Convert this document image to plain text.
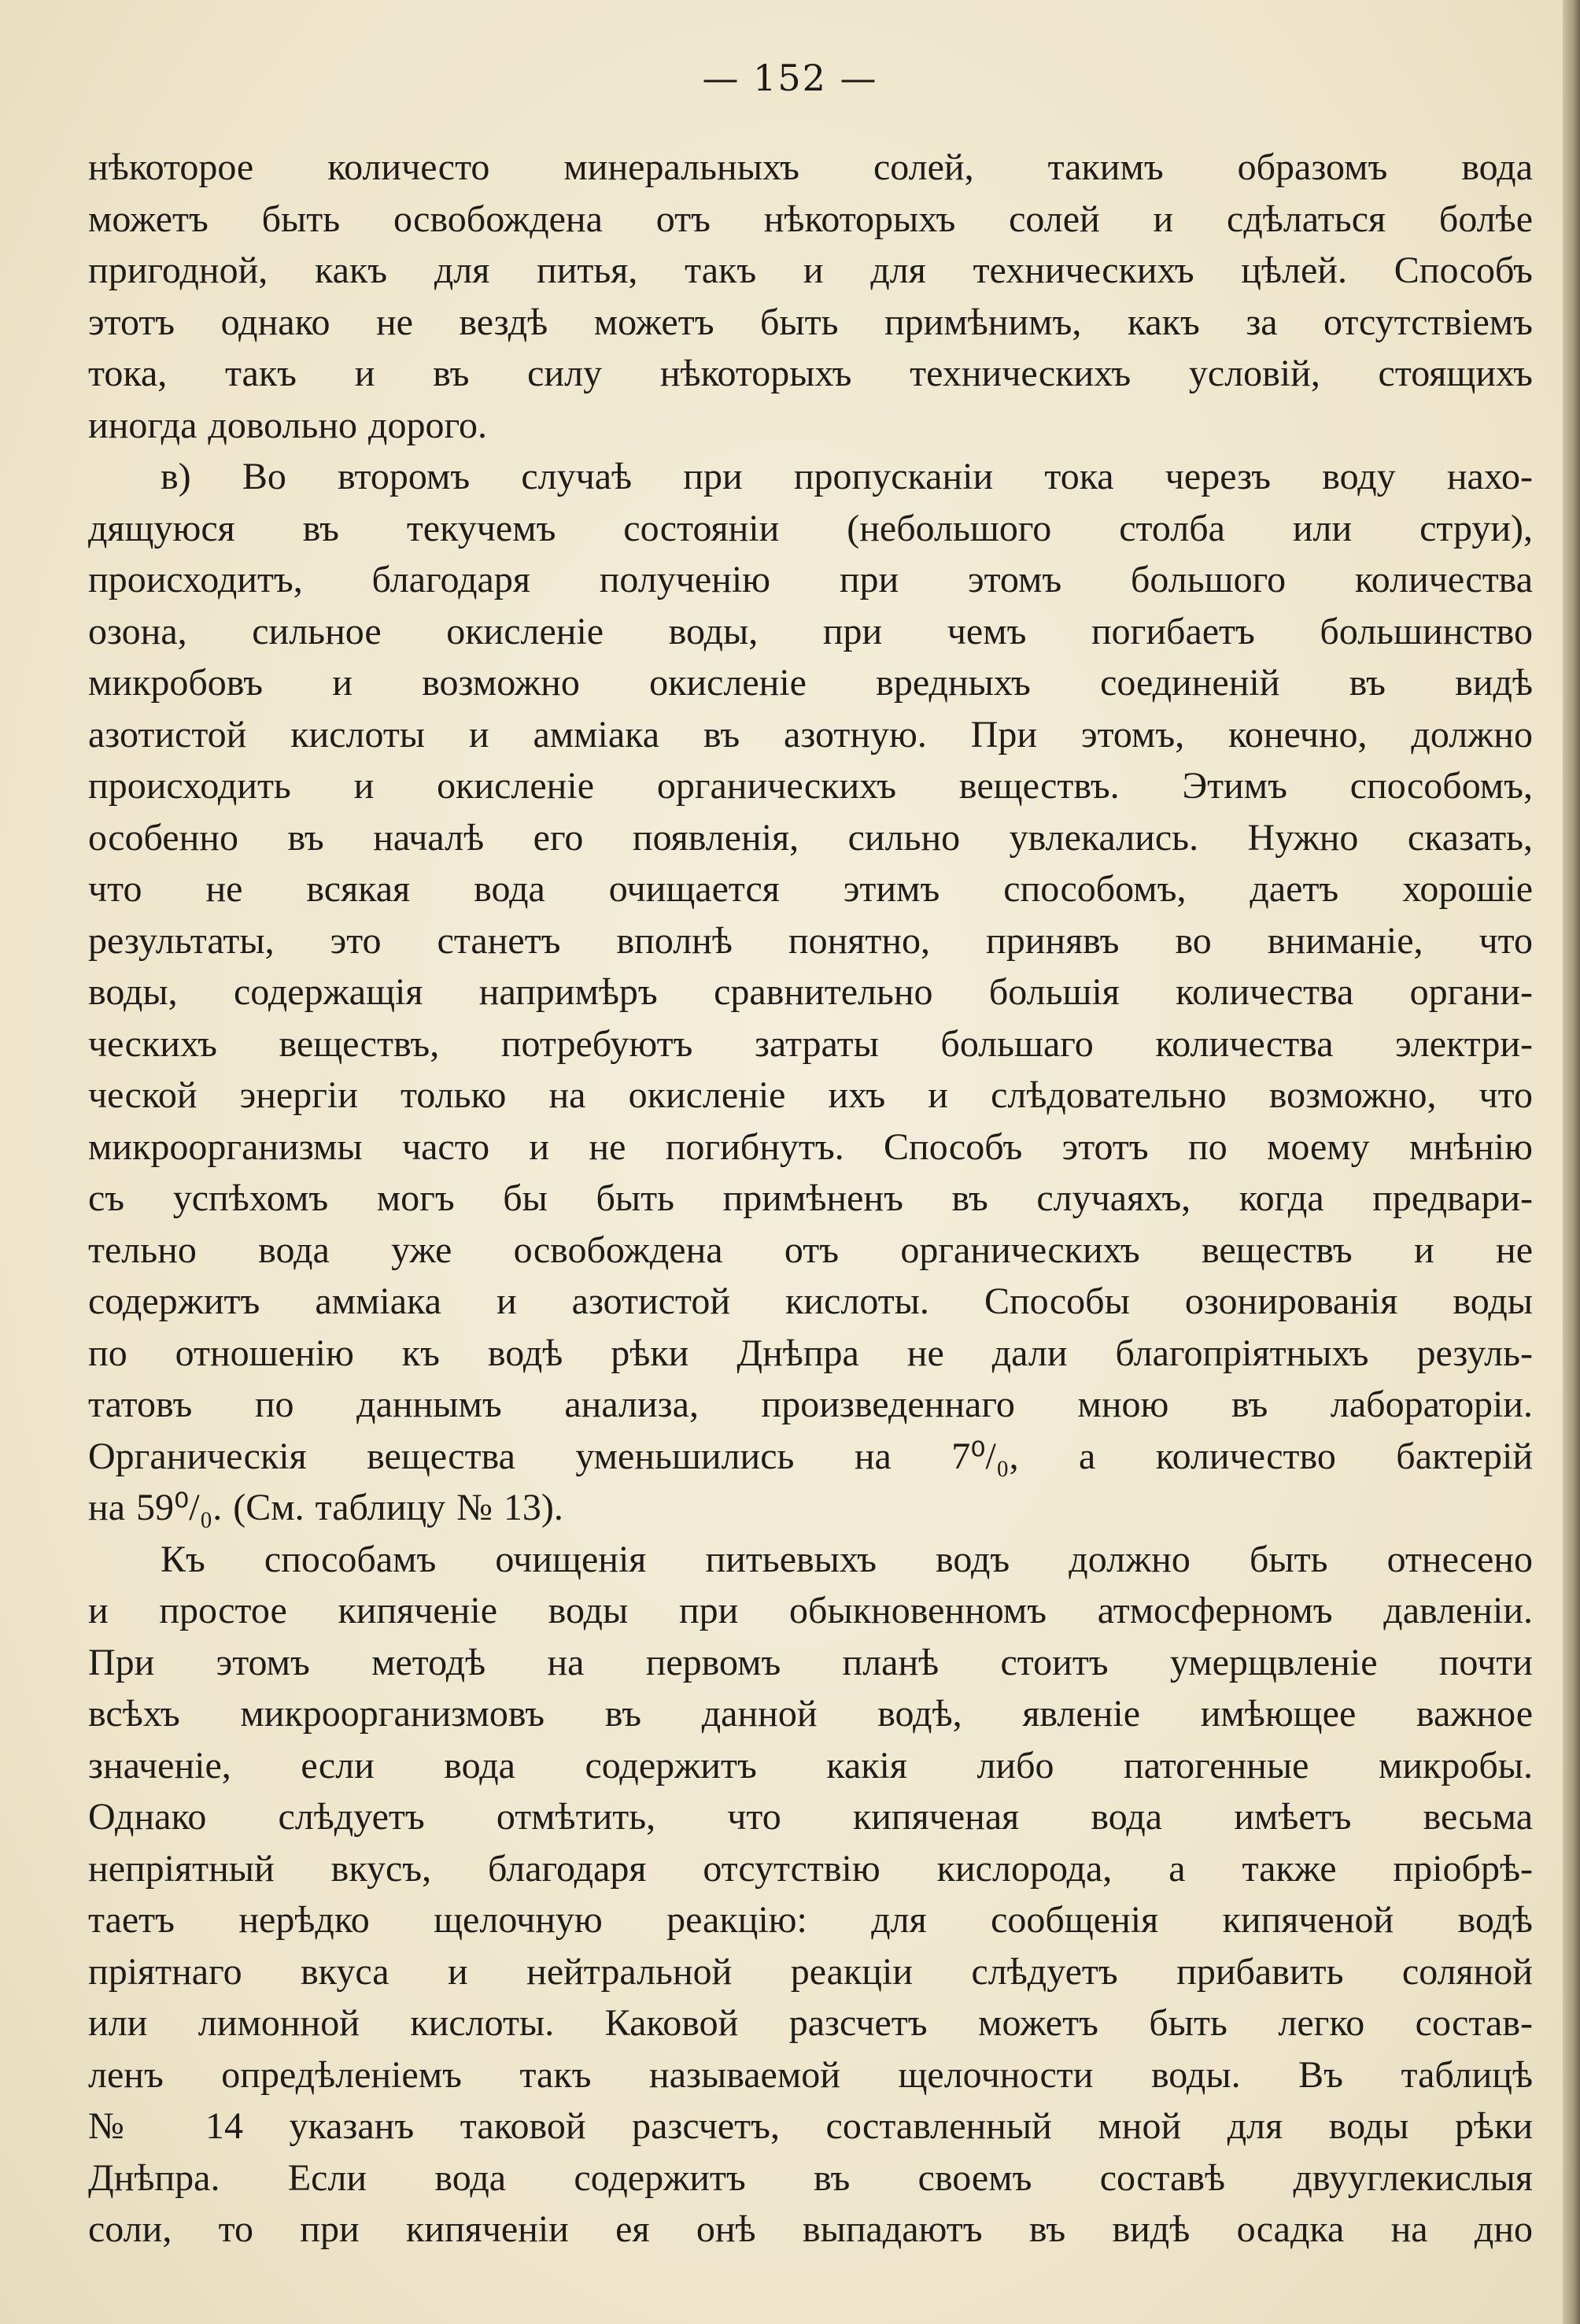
— 152 —
нѣкоторое количесто минеральныхъ солей, такимъ образомъ вода
можетъ быть освобождена отъ нѣкоторыхъ солей и сдѣлаться болѣе
пригодной, какъ для питья, такъ и для техническихъ цѣлей. Способъ
этотъ однако не вездѣ можетъ быть примѣнимъ, какъ за отсутствіемъ
тока, такъ и въ силу нѣкоторыхъ техническихъ условій, стоящихъ
иногда довольно дорого.
в) Во второмъ случаѣ при пропусканіи тока черезъ воду нахо-
дящуюся въ текучемъ состояніи (небольшого столба или струи),
происходитъ, благодаря полученію при этомъ большого количества
озона, сильное окисленіе воды, при чемъ погибаетъ большинство
микробовъ и возможно окисленіе вредныхъ соединеній въ видѣ
азотистой кислоты и амміака въ азотную. При этомъ, конечно, должно
происходить и окисленіе органическихъ веществъ. Этимъ способомъ,
особенно въ началѣ его появленія, сильно увлекались. Нужно сказать,
что не всякая вода очищается этимъ способомъ, даетъ хорошіе
результаты, это станетъ вполнѣ понятно, принявъ во вниманіе, что
воды, содержащія напримѣръ сравнительно большія количества органи-
ческихъ веществъ, потребуютъ затраты большаго количества электри-
ческой энергіи только на окисленіе ихъ и слѣдовательно возможно, что
микроорганизмы часто и не погибнутъ. Способъ этотъ по моему мнѣнію
съ успѣхомъ могъ бы быть примѣненъ въ случаяхъ, когда предвари-
тельно вода уже освобождена отъ органическихъ веществъ и не
содержитъ амміака и азотистой кислоты. Способы озонированія воды
по отношенію къ водѣ рѣки Днѣпра не дали благопріятныхъ резуль-
татовъ по даннымъ анализа, произведеннаго мною въ лабораторіи.
Органическія вещества уменьшились на 7⁰/₀, а количество бактерій
на 59⁰/₀. (См. таблицу № 13).
Къ способамъ очищенія питьевыхъ водъ должно быть отнесено
и простое кипяченіе воды при обыкновенномъ атмосферномъ давленіи.
При этомъ методѣ на первомъ планѣ стоитъ умерщвленіе почти
всѣхъ микроорганизмовъ въ данной водѣ, явленіе имѣющее важное
значеніе, если вода содержитъ какія либо патогенные микробы.
Однако слѣдуетъ отмѣтить, что кипяченая вода имѣетъ весьма
непріятный вкусъ, благодаря отсутствію кислорода, а также пріобрѣ-
таетъ нерѣдко щелочную реакцію: для сообщенія кипяченой водѣ
пріятнаго вкуса и нейтральной реакціи слѣдуетъ прибавить соляной
или лимонной кислоты. Каковой разсчетъ можетъ быть легко состав-
ленъ опредѣленіемъ такъ называемой щелочности воды. Въ таблицѣ
№ 14 указанъ таковой разсчетъ, составленный мной для воды рѣки
Днѣпра. Если вода содержитъ въ своемъ составѣ двууглекислыя
соли, то при кипяченіи ея онѣ выпадаютъ въ видѣ осадка на дно
